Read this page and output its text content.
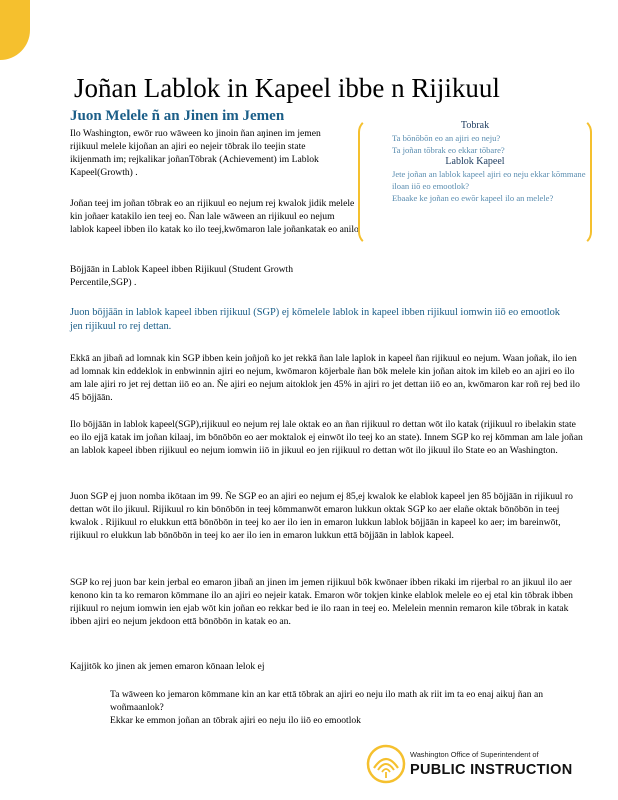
Joñan Lablok in Kapeel ibbe n Rijikuul
Juon Melele ñ an Jinen im Jemen
Ilo Washington, ewōr ruo wāween ko jinoin ñan aŋinen im jemen rijikuul melele kijoñan an ajiri eo nejeir tōbrak ilo teejin state ikijenmath im; rejkalikar joñanTōbrak (Achievement) im Lablok Kapeel(Growth) .
Joñan teej im joñan tōbrak eo an rijikuul eo nejum rej kwalok jidik melele kin joñaer katakilo ien teej eo. Ñan lale wāween an rijikuul eo nejum lablok kapeel ibben ilo katak ko ilo teej,kwōmaron lale joñankatak eo anilo
Bōjjāān in Lablok Kapeel ibben Rijikuul (Student Growth Percentile,SGP) .
Tobrak
Ta bōnōbōn eo an ajiri eo neju?
Ta joñan tōbrak eo ekkar tōbare?
Lablok Kapeel
Jete joñan an lablok kapeel ajiri eo neju ekkar kōmmane iloan iiō eo emootlok?
Ebaake ke joñan eo ewōr kapeel ilo an melele?
Juon bōjjāān in lablok kapeel ibben rijikuul (SGP) ej kōmelele lablok in kapeel ibben rijikuul iomwin iiō eo emootlok jen rijikuul ro rej dettan.
Ekkā an jibañ ad lomnak kin SGP ibben kein joñjoñ ko jet rekkā ñan lale laplok in kapeel ñan rijikuul eo nejum. Waan joñak, ilo ien ad lomnak kin eddeklok in enbwinnin ajiri eo nejum, kwōmaron kōjerbale ñan bōk melele kin joñan aitok im kileb eo an ajiri eo ilo am lale ajiri ro jet rej dettan iiō eo an. Ñe ajiri eo nejum aitoklok jen 45% in ajiri ro jet dettan iiō eo an, kwōmaron kar roñ rej bed ilo 45 bōjjāān.
Ilo bōjjāān in lablok kapeel(SGP),rijikuul eo nejum rej lale oktak eo an ñan rijikuul ro dettan wōt ilo katak (rijikuul ro ibelakin state eo ilo ejjā katak im joñan kilaaj, im bōnōbōn eo aer moktalok ej einwōt ilo teej ko an state). Innem SGP ko rej kōmman am lale joñan an lablok kapeel ibben rijikuul eo nejum iomwin iiō in jikuul eo jen rijikuul ro dettan wōt ilo jikuul ilo State eo an Washington.
Juon SGP ej juon nomba ikōtaan im 99. Ñe SGP eo an ajiri eo nejum ej 85,ej kwalok ke elablok kapeel jen 85 bōjjāān in rijikuul ro dettan wōt ilo jikuul. Rijikuul ro kin bōnōbōn in teej kōmmanwōt emaron lukkun oktak SGP ko aer elañe oktak bōnōbōn in teej kwalok . Rijikuul ro elukkun ettā bōnōbōn in teej ko aer ilo ien in emaron lukkun lablok bōjjāān in kapeel ko aer; im bareinwōt, rijikuul ro elukkun lab bōnōbōn in teej ko aer ilo ien in emaron lukkun ettā bōjjāān in lablok kapeel.
SGP ko rej juon bar kein jerbal eo emaron jibañ an jinen im jemen rijikuul bōk kwōnaer ibben rikaki im rijerbal ro an jikuul ilo aer kenono kin ta ko remaron kōmmane ilo an ajiri eo nejeir katak. Emaron wōr tokjen kinke elablok melele eo ej etal kin tōbrak ibben rijikuul ro nejum iomwin ien ejab wōt kin joñan eo rekkar bed ie ilo raan in teej eo. Melelein mennin remaron kile tōbrak in katak ibben ajiri eo nejum jekdoon ettā bōnōbōn in katak eo an.
Kajjitōk ko jinen ak jemen emaron kōnaan lelok ej
Ta wāween ko jemaron kōmmane kin an kar ettā tōbrak an ajiri eo neju ilo math ak riit im ta eo enaj aikuj ñan an woñmaanlok?
Ekkar ke emmon joñan an tōbrak ajiri eo neju ilo iiō eo emootlok
Washington Office of Superintendent of
PUBLIC INSTRUCTION
